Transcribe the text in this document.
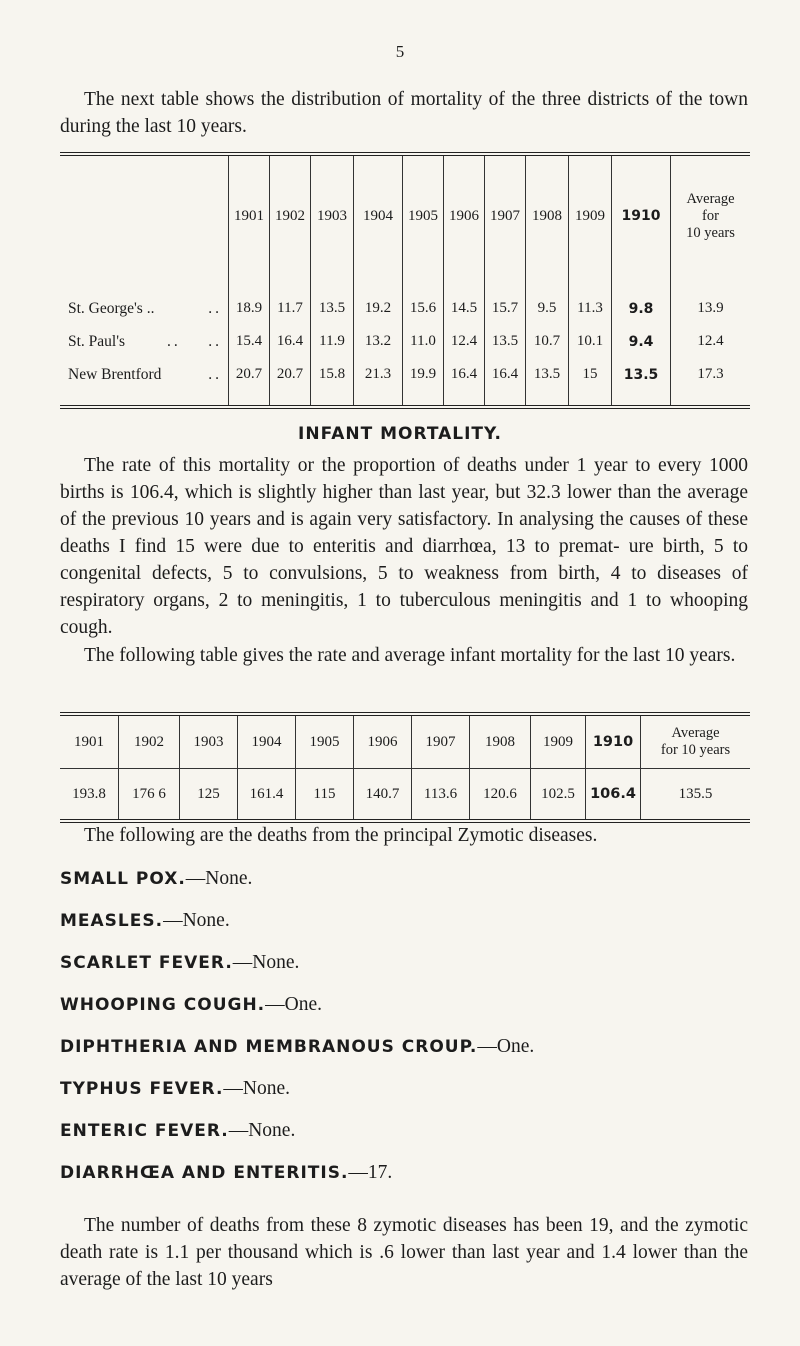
5

The next table shows the distribution of mortality of the three districts of the town during the last 10 years.

	1901	1902	1903	1904	1905	1906	1907	1908	1909	1910	Average
for
10 years
St. George's .. ..	18.9	11.7	13.5	19.2	15.6	14.5	15.7	9.5	11.3	9.8	13.9
St. Paul's ..    ..	15.4	16.4	11.9	13.2	11.0	12.4	13.5	10.7	10.1	9.4	12.4
New Brentford ..	20.7	20.7	15.8	21.3	19.9	16.4	16.4	13.5	15	13.5	17.3
INFANT MORTALITY.

The rate of this mortality or the proportion of deaths under 1 year to every 1000 births is 106.4, which is slightly higher than last year, but 32.3 lower than the average of the previous 10 years and is again very satisfactory. In analysing the causes of these deaths I find 15 were due to enteritis and diarrhœa, 13 to premat- ure birth, 5 to congenital defects, 5 to convulsions, 5 to weakness from birth, 4 to diseases of respiratory organs, 2 to meningitis, 1 to tuberculous meningitis and 1 to whooping cough.

The following table gives the rate and average infant mortality for the last 10 years.

1901	1902	1903	1904	1905	1906	1907	1908	1909	1910	Average
for 10 years
193.8	176 6	125	161.4	115	140.7	113.6	120.6	102.5	106.4	135.5

The following are the deaths from the principal Zymotic diseases.

SMALL POX.—None.
MEASLES.—None.
SCARLET FEVER.—None.
WHOOPING COUGH.—One.
DIPHTHERIA AND MEMBRANOUS CROUP.—One.
TYPHUS FEVER.—None.
ENTERIC FEVER.—None.
DIARRHŒA AND ENTERITIS.—17.

The number of deaths from these 8 zymotic diseases has been 19, and the zymotic death rate is 1.1 per thousand which is .6 lower than last year and 1.4 lower than the average of the last 10 years
